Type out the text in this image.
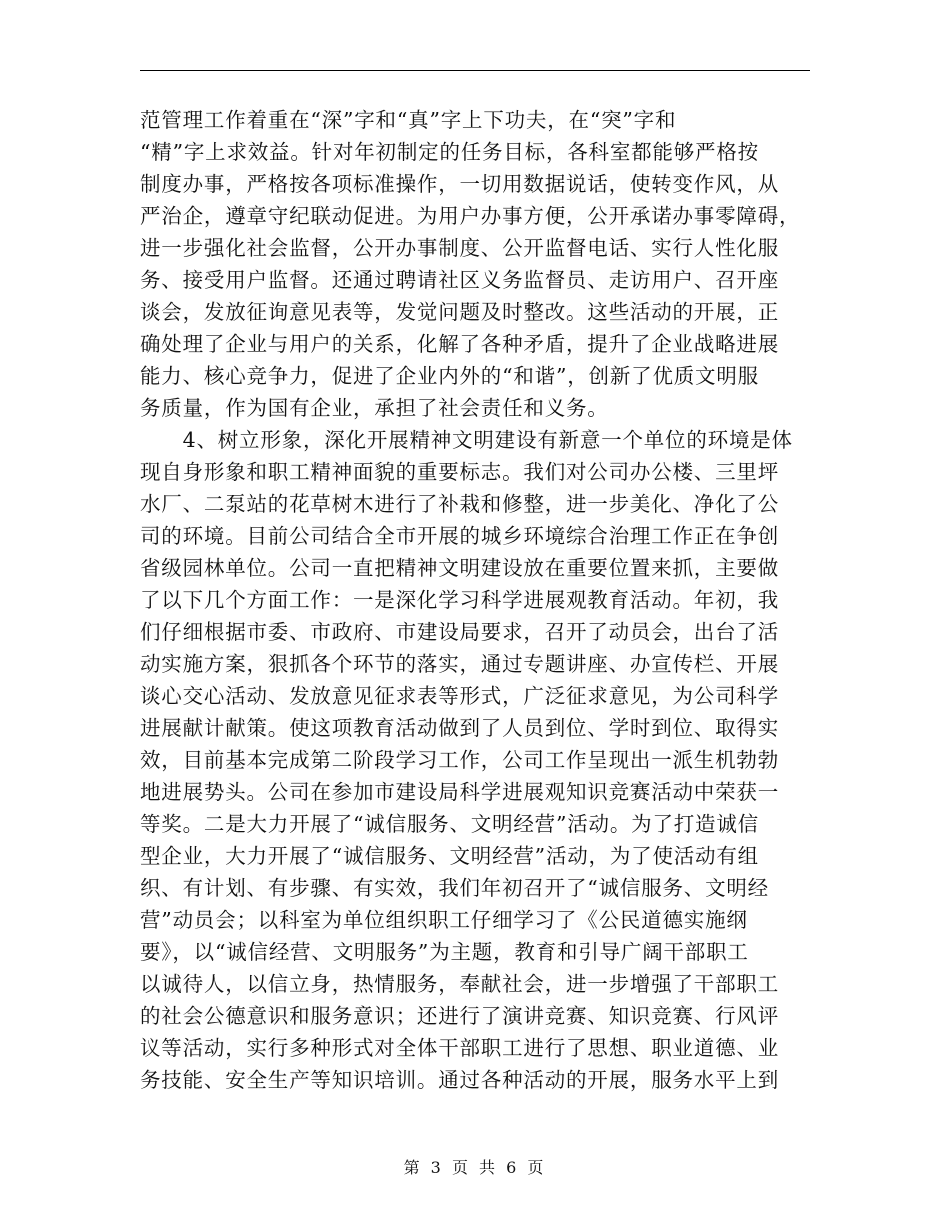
范管理工作着重在“深”字和“真”字上下功夫，在“突”字和
“精”字上求效益。针对年初制定的任务目标，各科室都能够严格按
制度办事，严格按各项标准操作，一切用数据说话，使转变作风，从
严治企，遵章守纪联动促进。为用户办事方便，公开承诺办事零障碍，
进一步强化社会监督，公开办事制度、公开监督电话、实行人性化服
务、接受用户监督。还通过聘请社区义务监督员、走访用户、召开座
谈会，发放征询意见表等，发觉问题及时整改。这些活动的开展，正
确处理了企业与用户的关系，化解了各种矛盾，提升了企业战略进展
能力、核心竞争力，促进了企业内外的“和谐”，创新了优质文明服
务质量，作为国有企业，承担了社会责任和义务。
　　4、树立形象，深化开展精神文明建设有新意一个单位的环境是体
现自身形象和职工精神面貌的重要标志。我们对公司办公楼、三里坪
水厂、二泵站的花草树木进行了补栽和修整，进一步美化、净化了公
司的环境。目前公司结合全市开展的城乡环境综合治理工作正在争创
省级园林单位。公司一直把精神文明建设放在重要位置来抓，主要做
了以下几个方面工作：一是深化学习科学进展观教育活动。年初，我
们仔细根据市委、市政府、市建设局要求，召开了动员会，出台了活
动实施方案，狠抓各个环节的落实，通过专题讲座、办宣传栏、开展
谈心交心活动、发放意见征求表等形式，广泛征求意见，为公司科学
进展献计献策。使这项教育活动做到了人员到位、学时到位、取得实
效，目前基本完成第二阶段学习工作，公司工作呈现出一派生机勃勃
地进展势头。公司在参加市建设局科学进展观知识竞赛活动中荣获一
等奖。二是大力开展了“诚信服务、文明经营”活动。为了打造诚信
型企业，大力开展了“诚信服务、文明经营”活动，为了使活动有组
织、有计划、有步骤、有实效，我们年初召开了“诚信服务、文明经
营”动员会；以科室为单位组织职工仔细学习了《公民道德实施纲
要》，以“诚信经营、文明服务”为主题，教育和引导广阔干部职工
以诚待人，以信立身，热情服务，奉献社会，进一步增强了干部职工
的社会公德意识和服务意识；还进行了演讲竞赛、知识竞赛、行风评
议等活动，实行多种形式对全体干部职工进行了思想、职业道德、业
务技能、安全生产等知识培训。通过各种活动的开展，服务水平上到
第 3 页 共 6 页
